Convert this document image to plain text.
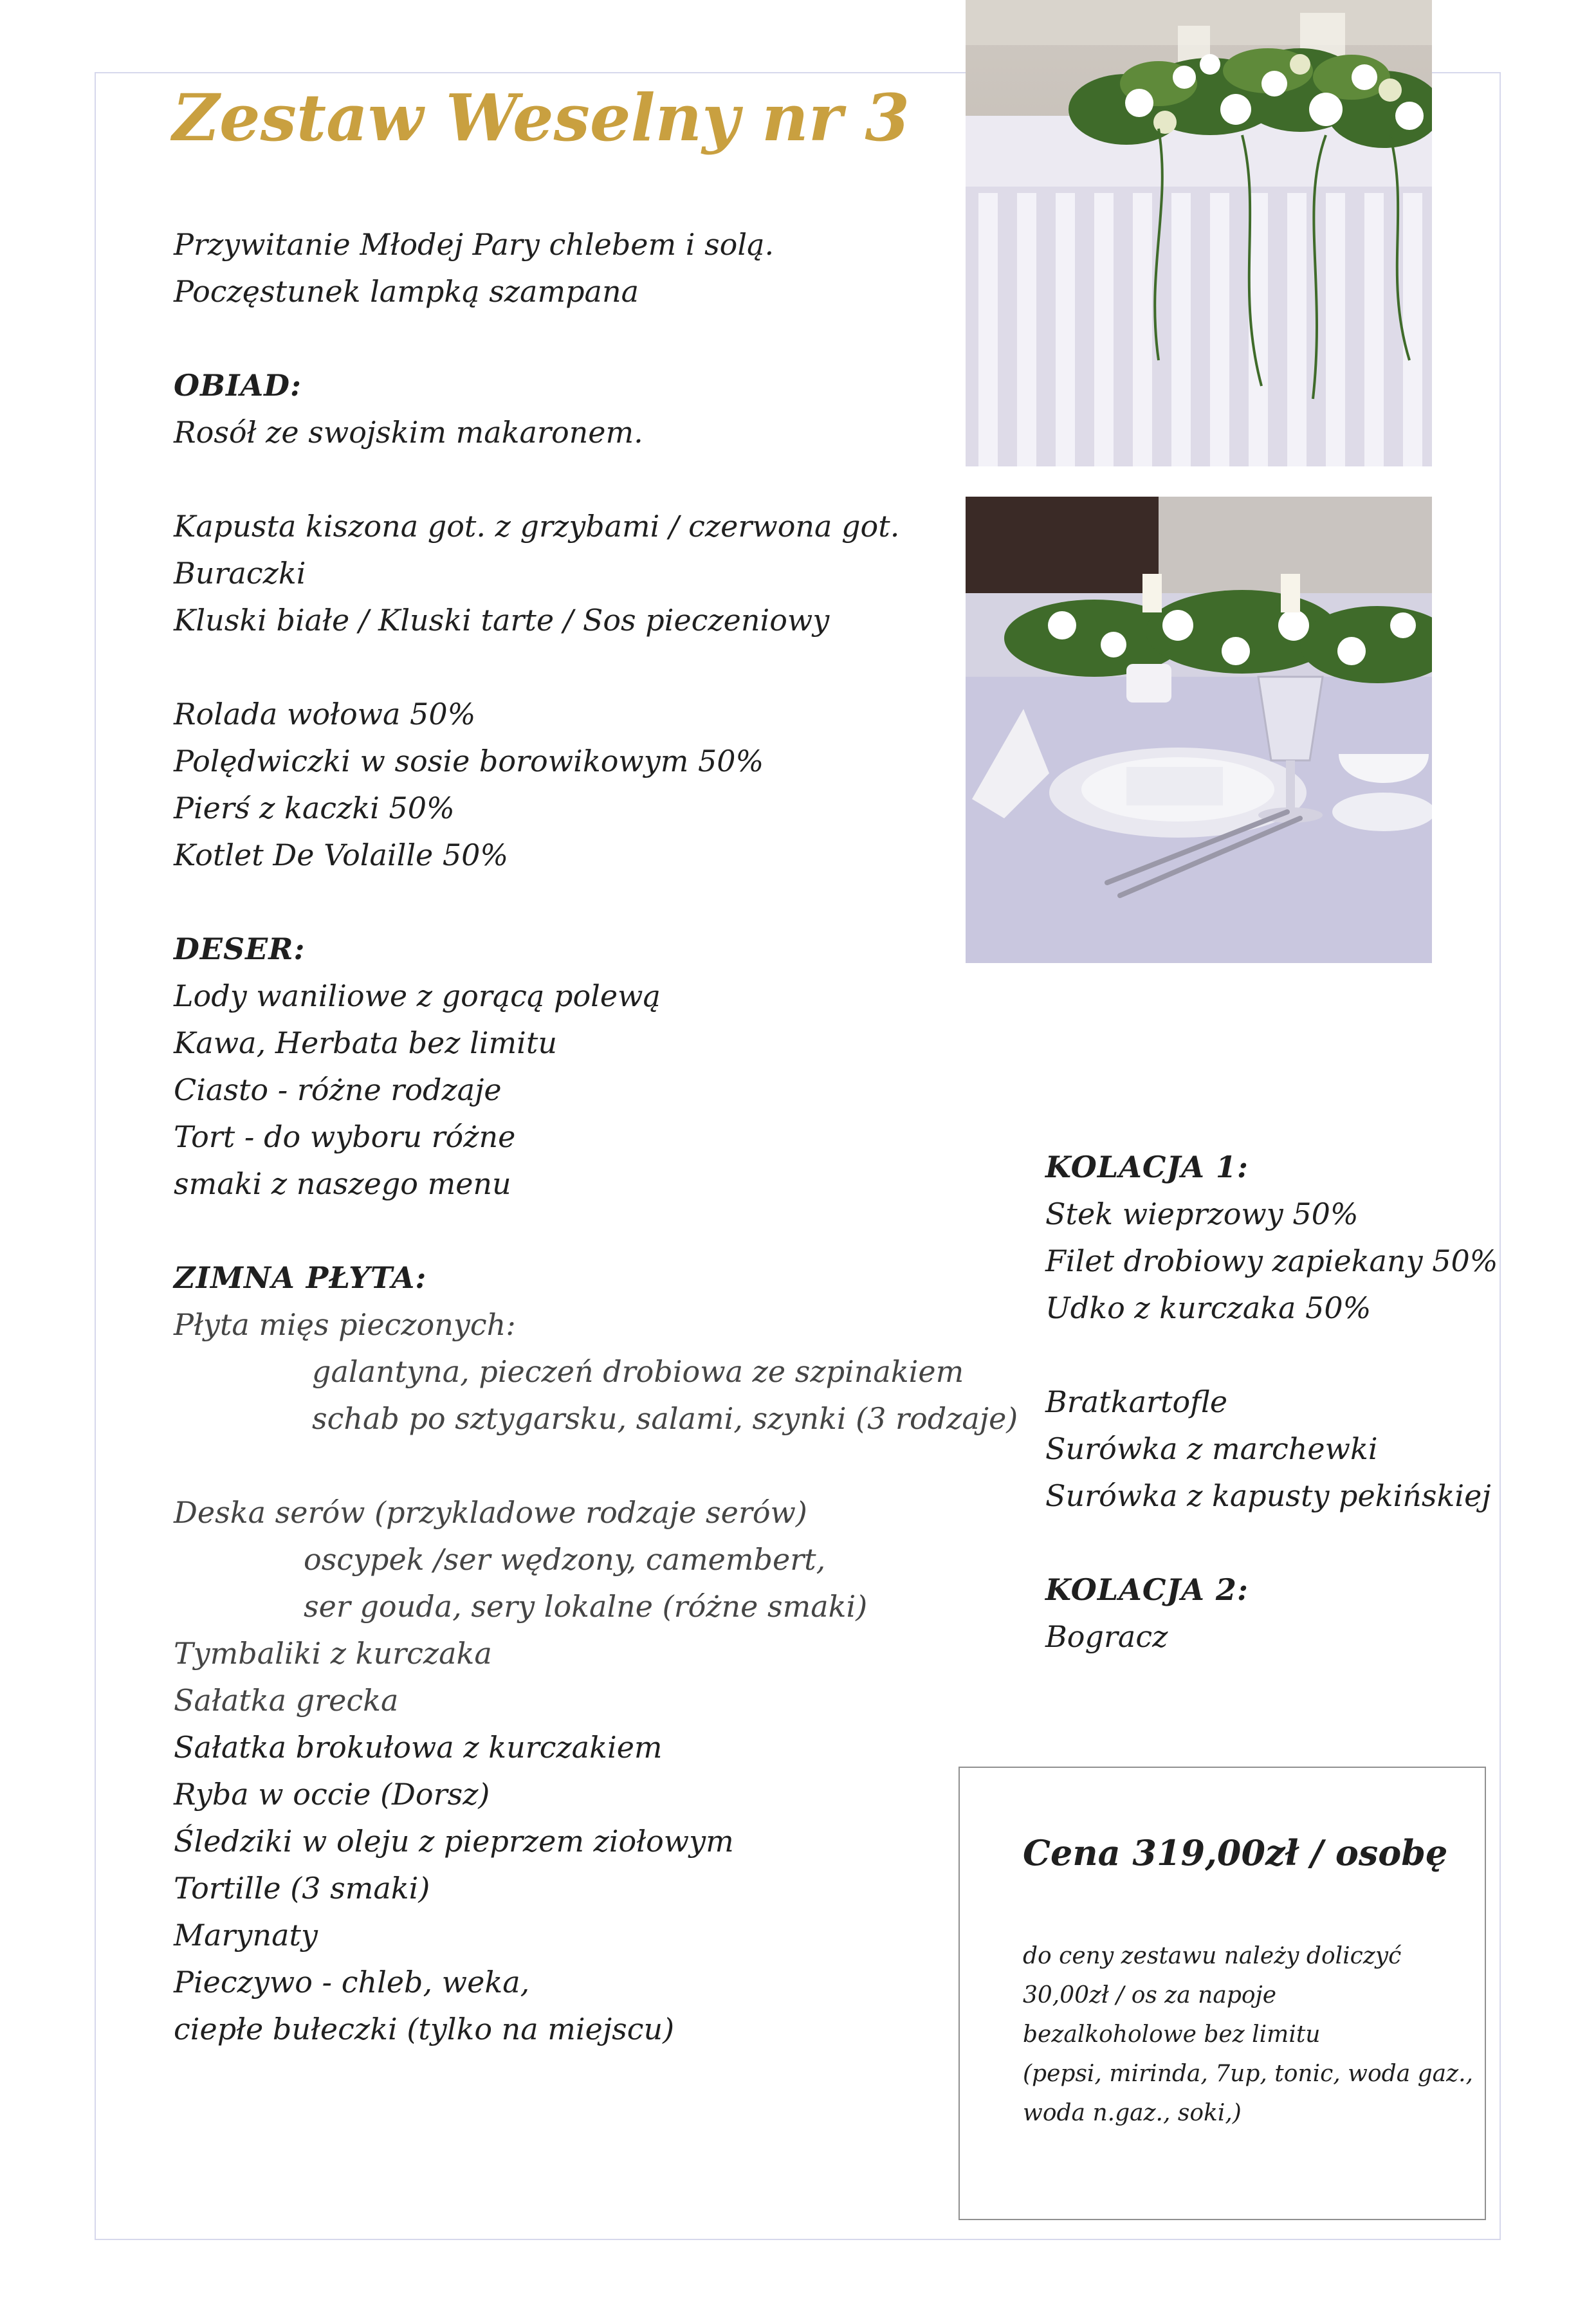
Zestaw Weselny nr 3
Przywitanie Młodej Pary chlebem i solą.
Poczęstunek lampką szampana
OBIAD:
Rosół ze swojskim makaronem.
Kapusta kiszona got. z grzybami / czerwona got.
Buraczki
Kluski białe / Kluski tarte / Sos pieczeniowy
Rolada wołowa 50%
Polędwiczki w sosie borowikowym 50%
Pierś z kaczki 50%
Kotlet De Volaille 50%
DESER:
Lody waniliowe z gorącą polewą
Kawa, Herbata bez limitu
Ciasto - różne rodzaje
Tort - do wyboru różne
smaki z naszego menu
ZIMNA PŁYTA:
Płyta mięs pieczonych:
galantyna, pieczeń drobiowa ze szpinakiem
schab po sztygarsku, salami, szynki (3 rodzaje)
Deska serów (przykladowe rodzaje serów)
oscypek /ser wędzony, camembert,
ser gouda, sery lokalne (różne smaki)
Tymbaliki z kurczaka
Sałatka grecka
Sałatka brokułowa z kurczakiem
Ryba w occie (Dorsz)
Śledziki w oleju z pieprzem ziołowym
Tortille (3 smaki)
Marynaty
Pieczywo - chleb, weka,
ciepłe bułeczki (tylko na miejscu)
KOLACJA 1:
Stek wieprzowy 50%
Filet drobiowy zapiekany 50%
Udko z kurczaka 50%
Bratkartofle
Surówka z marchewki
Surówka z kapusty pekińskiej
KOLACJA 2:
Bogracz
Cena 319,00zł / osobę
do ceny zestawu należy doliczyć
30,00zł / os za napoje
bezalkoholowe bez limitu
(pepsi, mirinda, 7up, tonic, woda gaz.,
woda n.gaz., soki,)
